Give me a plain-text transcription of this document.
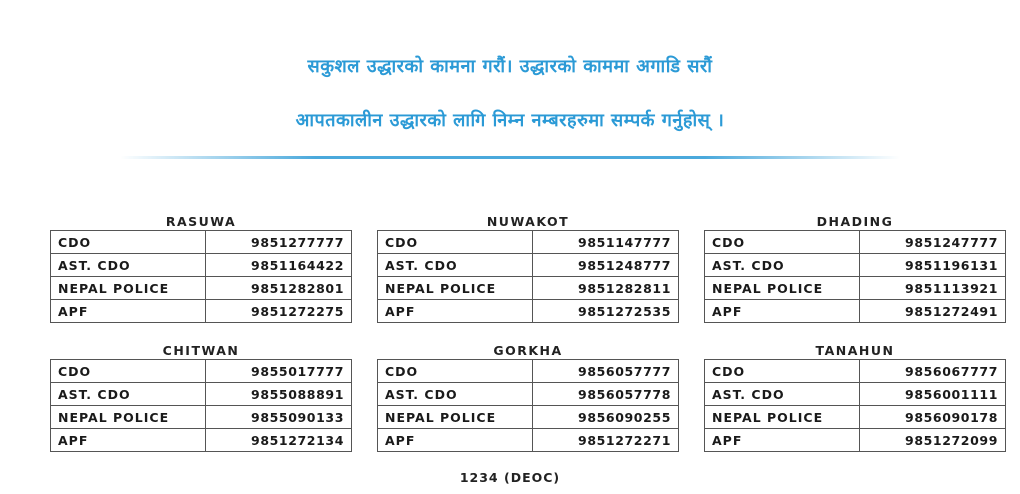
सकुशल उद्धारको कामना गरौं। उद्धारको काममा अगाडि सरौं
आपतकालीन उद्धारको लागि निम्न नम्बरहरुमा सम्पर्क गर्नुहोस् ।
RASUWA
CDO	9851277777
AST. CDO	9851164422
NEPAL POLICE	9851282801
APF	9851272275
NUWAKOT
CDO	9851147777
AST. CDO	9851248777
NEPAL POLICE	9851282811
APF	9851272535
DHADING
CDO	9851247777
AST. CDO	9851196131
NEPAL POLICE	9851113921
APF	9851272491
CHITWAN
CDO	9855017777
AST. CDO	9855088891
NEPAL POLICE	9855090133
APF	9851272134
GORKHA
CDO	9856057777
AST. CDO	9856057778
NEPAL POLICE	9856090255
APF	9851272271
TANAHUN
CDO	9856067777
AST. CDO	9856001111
NEPAL POLICE	9856090178
APF	9851272099
1234 (DEOC)
